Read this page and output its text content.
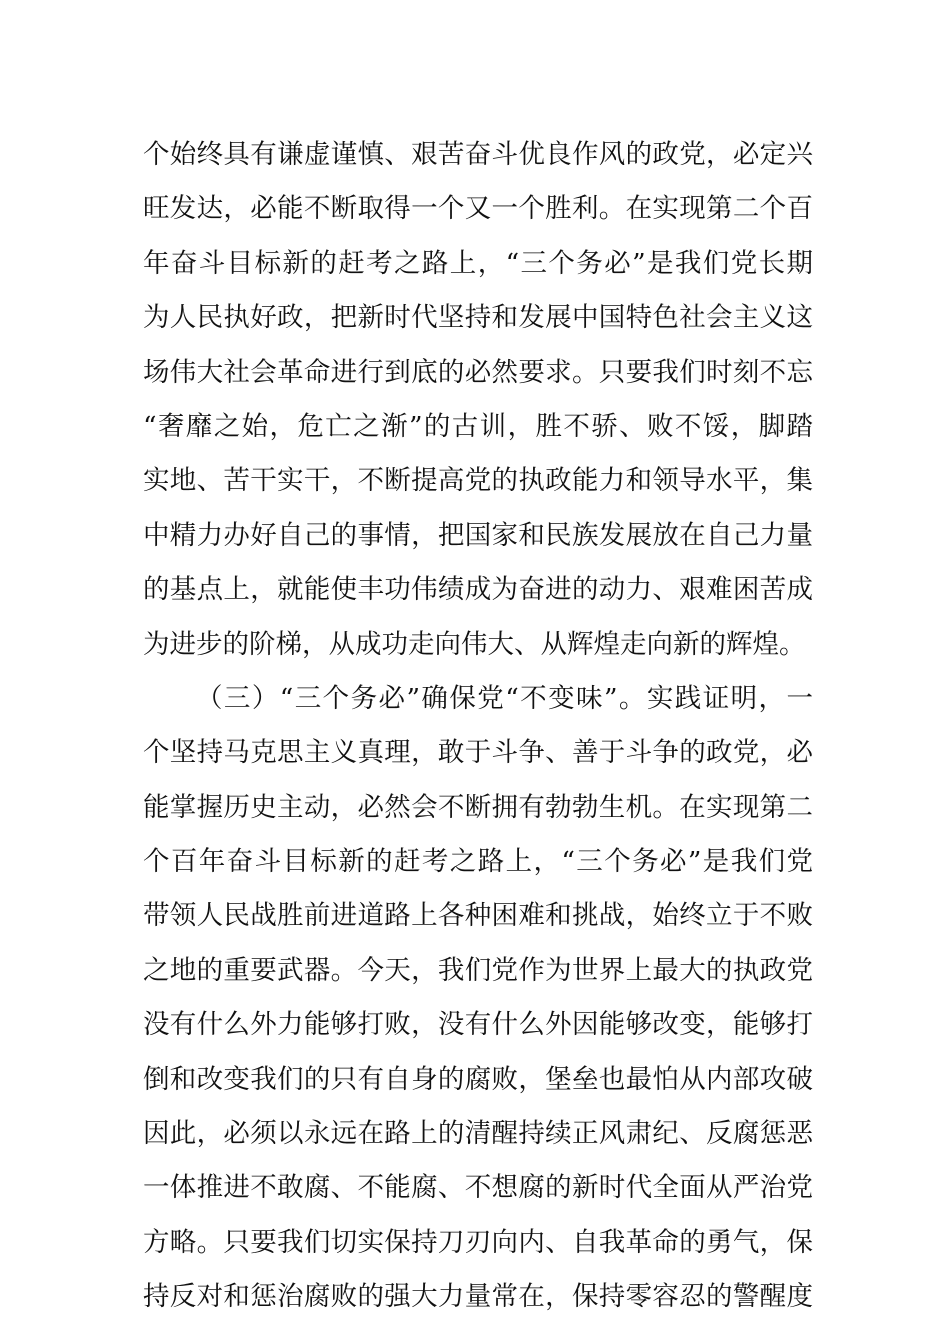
个始终具有谦虚谨慎、艰苦奋斗优良作风的政党，必定兴
旺发达，必能不断取得一个又一个胜利。在实现第二个百
年奋斗目标新的赶考之路上，“三个务必”是我们党长期
为人民执好政，把新时代坚持和发展中国特色社会主义这
场伟大社会革命进行到底的必然要求。只要我们时刻不忘
“奢靡之始，危亡之渐”的古训，胜不骄、败不馁，脚踏
实地、苦干实干，不断提高党的执政能力和领导水平，集
中精力办好自己的事情，把国家和民族发展放在自己力量
的基点上，就能使丰功伟绩成为奋进的动力、艰难困苦成
为进步的阶梯，从成功走向伟大、从辉煌走向新的辉煌。
（三）“三个务必”确保党“不变味”。实践证明，一
个坚持马克思主义真理，敢于斗争、善于斗争的政党，必
能掌握历史主动，必然会不断拥有勃勃生机。在实现第二
个百年奋斗目标新的赶考之路上，“三个务必”是我们党
带领人民战胜前进道路上各种困难和挑战，始终立于不败
之地的重要武器。今天，我们党作为世界上最大的执政党
没有什么外力能够打败，没有什么外因能够改变，能够打
倒和改变我们的只有自身的腐败，堡垒也最怕从内部攻破
因此，必须以永远在路上的清醒持续正风肃纪、反腐惩恶
一体推进不敢腐、不能腐、不想腐的新时代全面从严治党
方略。只要我们切实保持刀刃向内、自我革命的勇气，保
持反对和惩治腐败的强大力量常在，保持零容忍的警醒度
